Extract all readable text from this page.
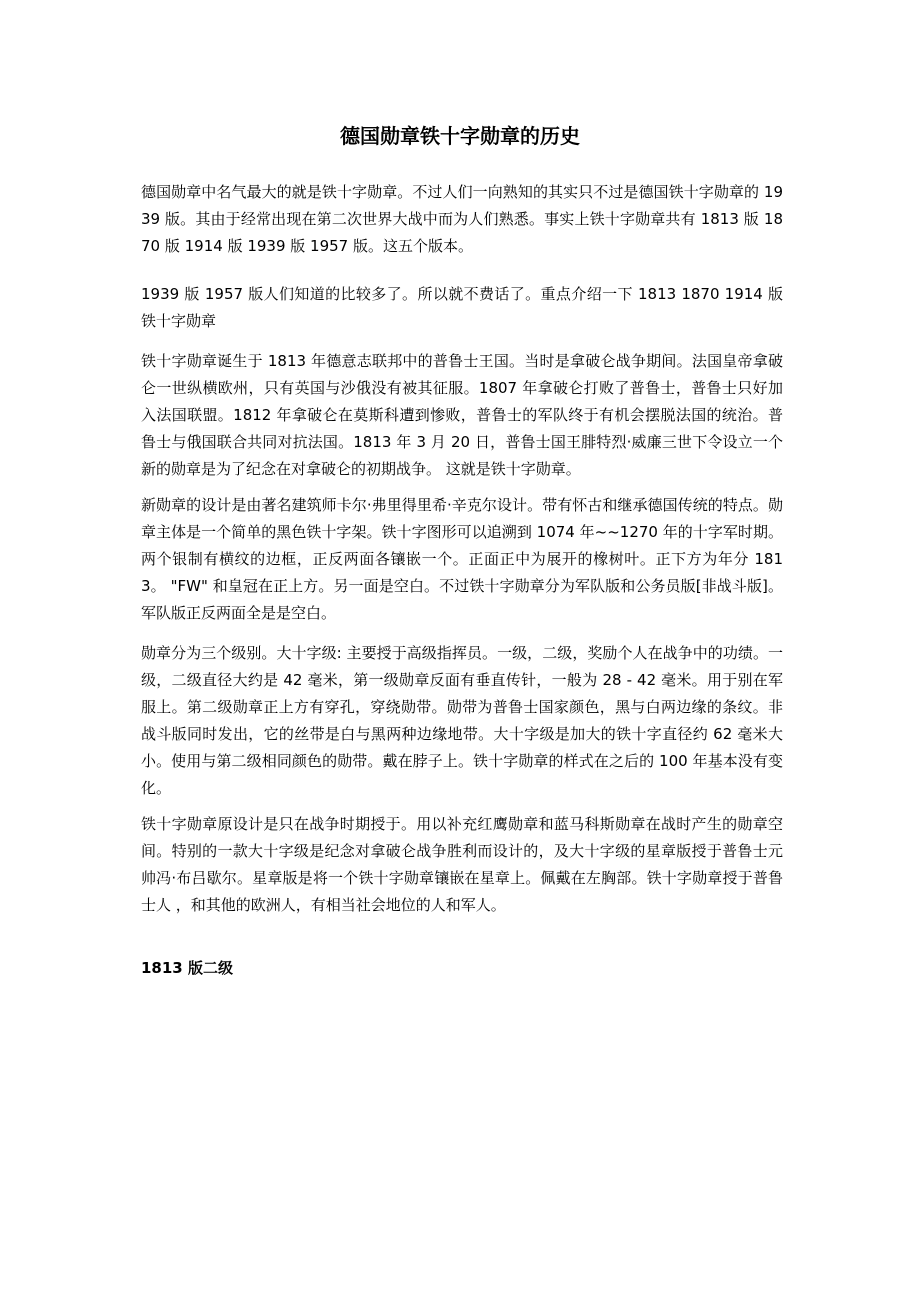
德国勋章铁十字勋章的历史

德国勋章中名气最大的就是铁十字勋章。不过人们一向熟知的其实只不过是德国铁十字勋章的 1939 版。其由于经常出现在第二次世界大战中而为人们熟悉。事实上铁十字勋章共有 1813 版 1870 版 1914 版 1939 版 1957 版。这五个版本。

1939 版 1957 版人们知道的比较多了。所以就不费话了。重点介绍一下 1813 1870 1914 版铁十字勋章

铁十字勋章诞生于 1813 年德意志联邦中的普鲁士王国。当时是拿破仑战争期间。法国皇帝拿破仑一世纵横欧州，只有英国与沙俄没有被其征服。1807 年拿破仑打败了普鲁士，普鲁士只好加入法国联盟。1812 年拿破仑在莫斯科遭到惨败，普鲁士的军队终于有机会摆脱法国的统治。普鲁士与俄国联合共同对抗法国。1813 年 3 月 20 日，普鲁士国王腓特烈·威廉三世下令设立一个新的勋章是为了纪念在对拿破仑的初期战争。 这就是铁十字勋章。

新勋章的设计是由著名建筑师卡尔·弗里得里希·辛克尔设计。带有怀古和继承德国传统的特点。勋章主体是一个简单的黑色铁十字架。铁十字图形可以追溯到 1074 年~~1270 年的十字军时期。两个银制有横纹的边框，正反两面各镶嵌一个。正面正中为展开的橡树叶。正下方为年分 1813。 "FW" 和皇冠在正上方。另一面是空白。不过铁十字勋章分为军队版和公务员版[非战斗版]。军队版正反两面全是是空白。

勋章分为三个级别。大十字级: 主要授于高级指挥员。一级，二级，奖励个人在战争中的功绩。一级，二级直径大约是 42 毫米，第一级勋章反面有垂直传针，一般为 28 - 42 毫米。用于别在军服上。第二级勋章正上方有穿孔，穿绕勋带。勋带为普鲁士国家颜色，黑与白两边缘的条纹。非战斗版同时发出，它的丝带是白与黑两种边缘地带。大十字级是加大的铁十字直径约 62 毫米大小。使用与第二级相同颜色的勋带。戴在脖子上。铁十字勋章的样式在之后的 100 年基本没有变化。

铁十字勋章原设计是只在战争时期授于。用以补充红鹰勋章和蓝马科斯勋章在战时产生的勋章空间。特别的一款大十字级是纪念对拿破仑战争胜利而设计的，及大十字级的星章版授于普鲁士元帅冯·布吕歇尔。星章版是将一个铁十字勋章镶嵌在星章上。佩戴在左胸部。铁十字勋章授于普鲁士人 ，和其他的欧洲人，有相当社会地位的人和军人。

1813 版二级
